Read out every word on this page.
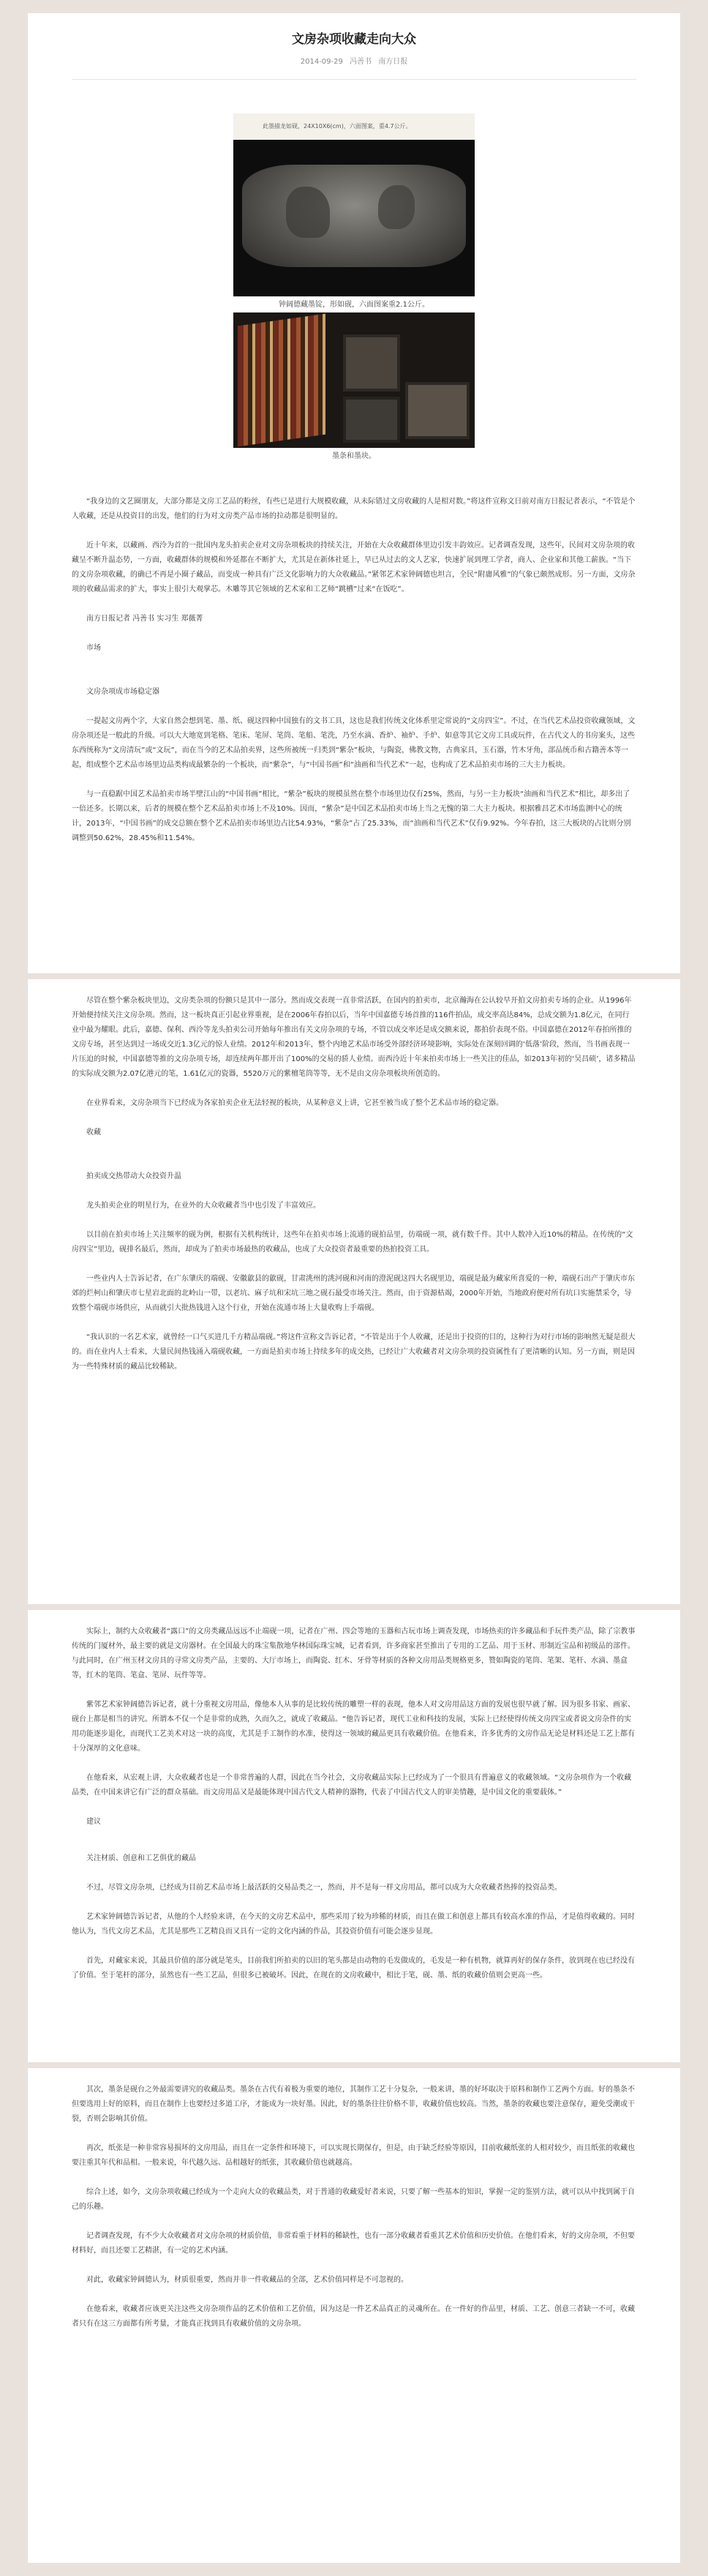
文房杂项收藏走向大众
2014-09-29 冯善书 南方日报
此墨描龙如砚，24X10X6(cm)，六面图案，重4.7公斤。
钟阔德藏墨锭，形如砚，六面图案重2.1公斤。
墨条和墨块。

“我身边的文艺圈朋友，大部分都是文房工艺品的粉丝，有些已是进行大规模收藏，从未际错过文房收藏的人是相对数。”将这件宣称文日前对南方日报记者表示，“不管是个人收藏，还是从投资目的出发，他们的行为对文房类产品市场的拉动都是很明显的。

近十年来，以藏画、西泠为首的一批国内龙头拍卖企业对文房杂项板块的持续关注，开始在大众收藏群体里边引发丰韵效应。记者调查发现，这些年，民间对文房杂项的收藏呈不断升温态势，一方面，收藏群体的规模和外延都在不断扩大，尤其是在新体社延上，早已从过去的文人艺家，快速扩展到理工学者，商人、企业家和其他工薪族。“当下的文房杂项收藏，的确已不再是小圈子藏品，而变成一种具有广泛文化影响力的大众收藏品。”紧邻艺术家钟阔德也坦言，全民“附庸风雅”的气象已颇然成形。另一方面，文房杂项的收藏品需求的扩大，事实上很引大观掌芯。木雕等其它领域的艺术家和工艺师“跳槽”过来“在饭吃”。

南方日报记者 冯善书 实习生 郑薇菁

市场
文房杂项成市场稳定器

一提起文房两个字，大家自然会想到笔、墨、纸、砚这四种中国独有的文书工具，这也是我们传统文化体系里定常说的“文房四宝”。不过，在当代艺术品投资收藏领域，文房杂项还是一般此的升级。可以大大地宽到笔格、笔床、笔屏、笔筒、笔船、笔洗，乃至水滴、香炉、袖炉、手炉、如意等其它文房工具或玩件，在古代文人的书房案头，这些东西统称为“文房清玩”或“文玩”，而在当今的艺术品拍卖界，这些所被统一归类到“紫杂”板块，与陶瓷，佛教文物，古典家具，玉石器，竹木牙角，部品统币和古籍善本等一起，组成整个艺术品市场里边品类构成最繁杂的一个板块，而“紫杂”，与“中国书画”和“油画和当代艺术”一起，也构成了艺术品拍卖市场的三大主力板块。

与一直稳踞中国艺术品拍卖市场半壁江山的“中国书画”相比，“紫杂”板块的规模虽然在整个市场里边仅有25%，然而，与另一主力板块“油画和当代艺术”相比，却多出了一倍还多。长期以来，后者的规模在整个艺术品拍卖市场上不及10%。因而，“紫杂”是中国艺术品拍卖市场上当之无愧的第二大主力板块。根据雅昌艺术市场监测中心的统计，2013年，“中国书画”的成交总额在整个艺术品拍卖市场里边占比54.93%，“紫杂”占了25.33%，而“油画和当代艺术”仅有9.92%。今年春拍，这三大板块的占比则分别调整到50.62%，28.45%和11.54%。

尽管在整个紫杂板块里边，文房类杂项的份额只是其中一部分。然而成交表现一直非常活跃，在国内的拍卖市，北京瀚海在公认较早开拍文房拍卖专场的企业。从1996年开始便持续关注文房杂项。然而，这一板块真正引起业界重视，是在2006年春拍以后，当年中国嘉德专场首推的116件拍品，成交率高达84%，总成交额为1.8亿元，在同行业中最为耀眼。此后，嘉德、保利、西泠等龙头拍卖公司开始每年推出有关文房杂项的专场，不管以成交率还是成交额来说，都拍价表现不俗。中国嘉德在2012年春拍所推的文房专场，甚至达到过一场成交近1.3亿元的惊人业绩。2012年和2013年，整个内地艺术品市场受外部经济环境影响，实际处在深刻回调的‘低落’阶段，然而，当书画表现一片压迫的时候，中国嘉德等推的文房杂项专场，却连续两年都开出了100%的交易的骄人业绩。而西泠近十年来拍卖市场上一些关注的佳品，如2013年初的‘吴昌硕’，诸多精品的实际成交额为2.07亿港元的笔，1.61亿元的瓷器，5520万元的紫檀笔筒等等，无不是由文房杂项板块所创造的。

在业界看来，文房杂项当下已经成为各家拍卖企业无法轻视的板块，从某种意义上讲，它甚至被当成了整个艺术品市场的稳定器。

收藏
拍卖成交热带动大众投资升温

龙头拍卖企业的明星行为，在业外的大众收藏者当中也引发了丰富效应。

以目前在拍卖市场上关注频率的砚为例，根据有关机构统计，这些年在拍卖市场上流通的砚拍品里，仿端砚一项，就有数千件。其中人数冲入近10%的精品。在传统的“文房四宝”里边，砚排名最后，然而，却成为了拍卖市场最热的收藏品，也成了大众投资者最重要的热拍投资工具。

一些业内人士告诉记者，在广东肇庆的端砚、安徽歙县的歙砚，甘肃洮州的洮河砚和河南的澄泥砚这四大名砚里边，端砚是最为藏家所喜爱的一种，端砚石出产于肇庆市东郊的烂柯山和肇庆市七星岩北面的北岭山一带，以老坑、麻子坑和宋坑三地之砚石最受市场关注。然而，由于资源枯竭，2000年开始，当地政府便对所有坑口实施禁采令，导致整个端砚市场供应，从而就引大批热钱进入这个行业，开始在流通市场上大量收购上手端砚。

“我认识的一名艺术家，就曾经一口气买进几千方精品端砚。”将这件宣称文告诉记者，“不管是出于个人收藏，还是出于投资的目的，这种行为对行市场的影响然无疑是很大的。而在业内人士看来，大量民间热钱涌入端砚收藏，一方面是拍卖市场上持续多年的成交热，已经让广大收藏者对文房杂项的投资属性有了更清晰的认知。另一方面，则是因为一些特殊材质的藏品比较稀缺。

实际上，制约大众收藏者“露口”的文房类藏品远远不止端砚一项，记者在广州、四会等地的玉器和古玩市场上调查发现，市场热卖的许多藏品和手玩件类产品，除了宗教事传统的门厦材外，最主要的就是文房器材。在全国最大的珠宝集散地华林国际珠宝城，记者看到，许多商家甚至推出了专用的工艺品、用于玉材、形制近宝品和初级品的部件。与此同时，在广州玉材文房具的寻常文房类产品，主要的、大厅市场上，而陶瓷、红木、牙骨等材质的各种文房用品类规格更多，赞如陶瓷的笔筒、笔架、笔杆、水滴、墨盒等，红木的笔筒、笔盒、笔屏、玩件等等。

紫邻艺术家钟阔德告诉记者，就十分重视文房用品，像他本人从事的是比较传统的雕塑一样的表现，他本人对文房用品这方面的发展也很早就了解。因为很多书家、画家、砚台上都是相当的讲究。所谓本不仅一个是非常的成熟，久而久之，就成了收藏品。“他告诉记者，现代工业和科技的发展，实际上已经使得传统文房四宝或者说文房杂件的实用功能逐步退化，而现代工艺美术对这一块的高度，尤其是手工制作的水准，使得这一领域的藏品更具有收藏价值。在他看来，许多优秀的文房作品无论是材料还是工艺上都有十分深厚的文化意味。

在他看来，从宏观上讲，大众收藏者也是一个非常普遍的人群，因此在当今社会，文房收藏品实际上已经成为了一个很具有普遍意义的收藏领域。“文房杂项作为一个收藏品类，在中国来讲它有广泛的群众基础。而文房用品又是最能体现中国古代文人精神的器物，代表了中国古代文人的审美情趣，是中国文化的重要载体。”

建议
关注材质、创意和工艺俱优的藏品

不过，尽管文房杂项，已经成为目前艺术品市场上最活跃的交易品类之一，然而，并不是每一样文房用品，都可以成为大众收藏者热捧的投资品类。

艺术家钟阔德告诉记者，从他的个人经验来讲，在今天的文房艺术品中，那些采用了较为珍稀的材质，而且在做工和创意上都具有较高水准的作品，才是值得收藏的。同时他认为，当代文房艺术品，尤其是那些工艺精良而又具有一定的文化内涵的作品，其投资价值有可能会逐步显现。

首先，对藏家来说，其最具价值的部分就是笔头，目前我们所拍卖的以旧的笔头都是由动物的毛发做成的，毛发是一种有机物，就算再好的保存条件，放到现在也已经没有了价值。至于笔杆的部分，虽然也有一些工艺品，但很多已被破坏。因此，在现在的文房收藏中，相比于笔，砚、墨、纸的收藏价值则会更高一些。

其次，墨条是砚台之外最需要讲究的收藏品类。墨条在古代有着极为重要的地位，其制作工艺十分复杂，一般来讲，墨的好坏取决于原料和制作工艺两个方面。好的墨条不但要选用上好的原料，而且在制作上也要经过多道工序，才能成为一块好墨。因此，好的墨条往往价格不菲，收藏价值也较高。当然，墨条的收藏也要注意保存，避免受潮或干裂，否则会影响其价值。

再次，纸张是一种非常容易损坏的文房用品，而且在一定条件和环境下，可以实现长期保存，但是，由于缺乏经验等原因，目前收藏纸张的人相对较少，而且纸张的收藏也要注重其年代和品相。一般来说，年代越久远、品相越好的纸张，其收藏价值也就越高。

综合上述，如今，文房杂项收藏已经成为一个走向大众的收藏品类，对于普通的收藏爱好者来说，只要了解一些基本的知识，掌握一定的鉴别方法，就可以从中找到属于自己的乐趣。

记者调查发现，有不少大众收藏者对文房杂项的材质价值，非常看重于材料的稀缺性，也有一部分收藏者看重其艺术价值和历史价值。在他们看来，好的文房杂项，不但要材料好，而且还要工艺精湛，有一定的艺术内涵。

对此，收藏家钟阔德认为，材质很重要，然而并非一件收藏品的全部，艺术价值同样是不可忽视的。

在他看来，收藏者应该更关注这些文房杂项作品的艺术价值和工艺价值，因为这是一件艺术品真正的灵魂所在。在一件好的作品里，材质、工艺、创意三者缺一不可，收藏者只有在这三方面都有所考量，才能真正找到具有收藏价值的文房杂项。
